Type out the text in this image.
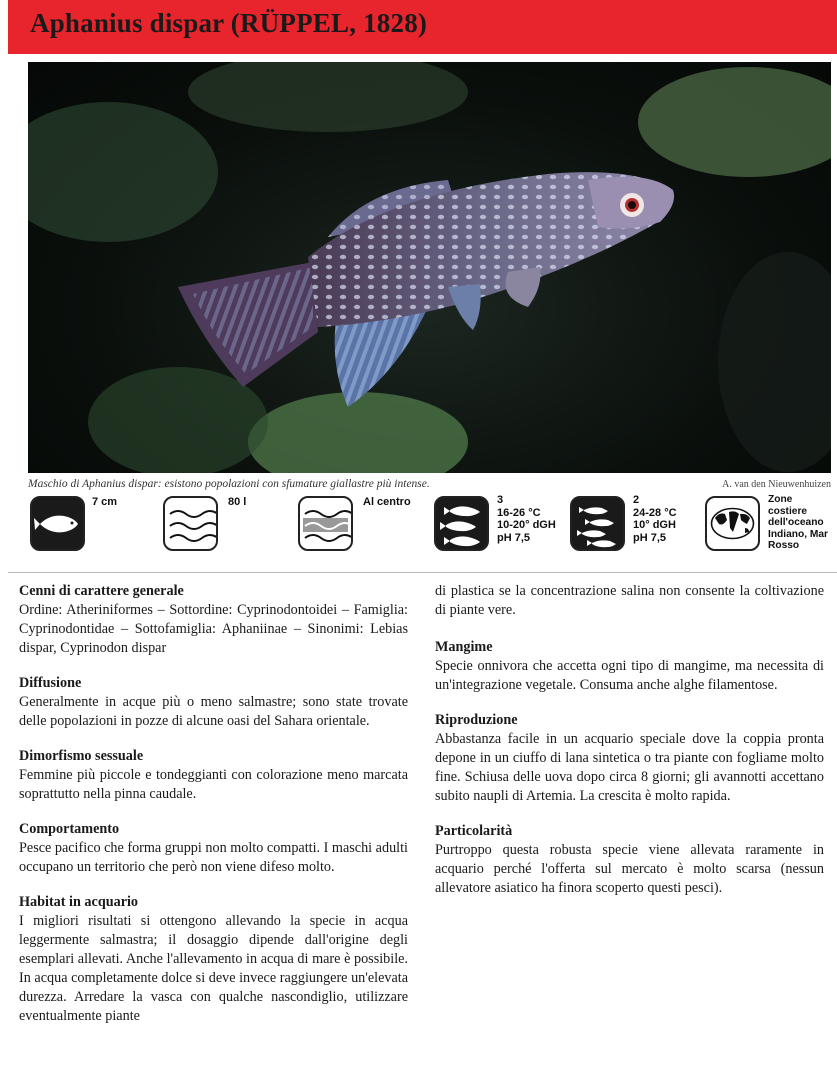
Aphanius dispar (RÜPPEL, 1828)
Maschio di Aphanius dispar: esistono popolazioni con sfumature giallastre più intense.	A. van den Nieuwenhuizen
7 cm	80 l	Al centro	3
16-26 °C
10-20° dGH
pH 7,5
2
24-28 °C
10° dGH
pH 7,5
Zone
costiere
dell'oceano
Indiano, Mar
Rosso
Cenni di carattere generale

Ordine: Atheriniformes – Sottordine: Cyprinodontoidei – Famiglia: Cyprinodontidae – Sottofamiglia: Aphaniinae – Sinonimi: Lebias dispar, Cyprinodon dispar

Diffusione

Generalmente in acque più o meno salmastre; sono state trovate delle popolazioni in pozze di alcune oasi del Sahara orientale.

Dimorfismo sessuale

Femmine più piccole e tondeggianti con colorazione meno marcata soprattutto nella pinna caudale.

Comportamento

Pesce pacifico che forma gruppi non molto compatti. I maschi adulti occupano un territorio che però non viene difeso molto.

Habitat in acquario

I migliori risultati si ottengono allevando la specie in acqua leggermente salmastra; il dosaggio dipende dall'origine degli esemplari allevati. Anche l'allevamento in acqua di mare è possibile. In acqua completamente dolce si deve invece raggiungere un'elevata durezza. Arredare la vasca con qualche nascondiglio, utilizzare eventualmente piante

di plastica se la concentrazione salina non consente la coltivazione di piante vere.

Mangime

Specie onnivora che accetta ogni tipo di mangime, ma necessita di un'integrazione vegetale. Consuma anche alghe filamentose.

Riproduzione

Abbastanza facile in un acquario speciale dove la coppia pronta depone in un ciuffo di lana sintetica o tra piante con fogliame molto fine. Schiusa delle uova dopo circa 8 giorni; gli avannotti accettano subito naupli di Artemia. La crescita è molto rapida.

Particolarità

Purtroppo questa robusta specie viene allevata raramente in acquario perché l'offerta sul mercato è molto scarsa (nessun allevatore asiatico ha finora scoperto questi pesci).
